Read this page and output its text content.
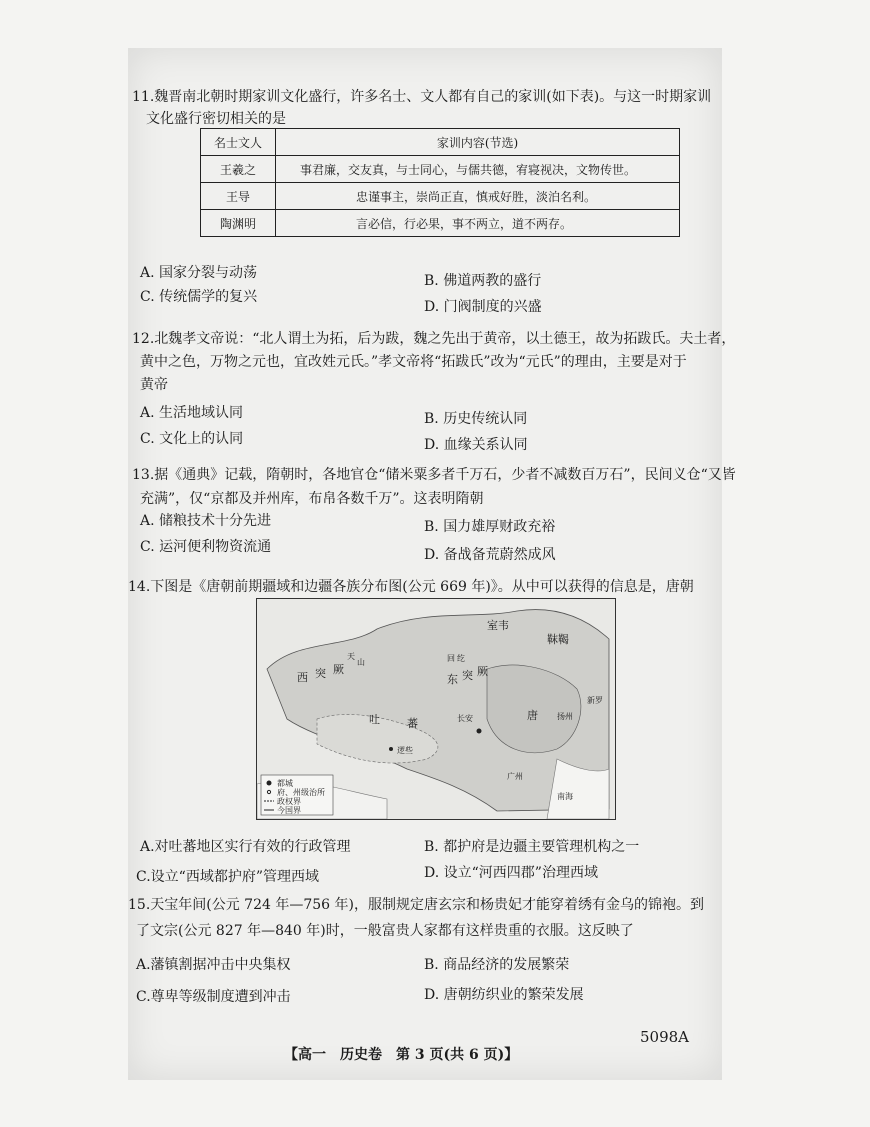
11.魏晋南北朝时期家训文化盛行，许多名士、文人都有自己的家训(如下表)。与这一时期家训
文化盛行密切相关的是
名士文人	家训内容(节选)
王羲之	事君廉，交友真，与士同心，与儒共德，宥寝视决，文物传世。
王导	忠谨事主，崇尚正直，慎戒好胜，淡泊名利。
陶渊明	言必信，行必果，事不两立，道不两存。
A. 国家分裂与动荡	B. 佛道两教的盛行
C. 传统儒学的复兴
D. 门阀制度的兴盛
12.北魏孝文帝说：“北人谓土为拓，后为跋，魏之先出于黄帝，以土德王，故为拓跋氏。夫土者，
黄中之色，万物之元也，宜改姓元氏。”孝文帝将“拓跋氏”改为“元氏”的理由，主要是对于
黄帝
A. 生活地域认同	B. 历史传统认同
C. 文化上的认同	D. 血缘关系认同
13.据《通典》记载，隋朝时，各地官仓“储米粟多者千万石，少者不减数百万石”，民间义仓“又皆
充满”，仅“京都及并州库，布帛各数千万”。这表明隋朝
A. 储粮技术十分先进	B. 国力雄厚财政充裕
C. 运河便利物资流通	D. 备战备荒蔚然成风
14.下图是《唐朝前期疆域和边疆各族分布图(公元 669 年)》。从中可以获得的信息是，唐朝
西 突 厥
东 突 厥
天
山
吐 蕃
唐
长安
逻些
扬州
广州
新罗
室韦
回 纥
靺鞨
南海
都城
府、州级治所
政权界
今国界
A.对吐蕃地区实行有效的行政管理	B. 都护府是边疆主要管理机构之一
C.设立“西域都护府”管理西域	D. 设立“河西四郡”治理西域
15.天宝年间(公元 724 年—756 年)，服制规定唐玄宗和杨贵妃才能穿着绣有金乌的锦袍。到
了文宗(公元 827 年—840 年)时，一般富贵人家都有这样贵重的衣服。这反映了
A.藩镇割据冲击中央集权	B. 商品经济的发展繁荣
C.尊卑等级制度遭到冲击	D. 唐朝纺织业的繁荣发展
【高一　历史卷　第 3 页(共 6 页)】
5098A
